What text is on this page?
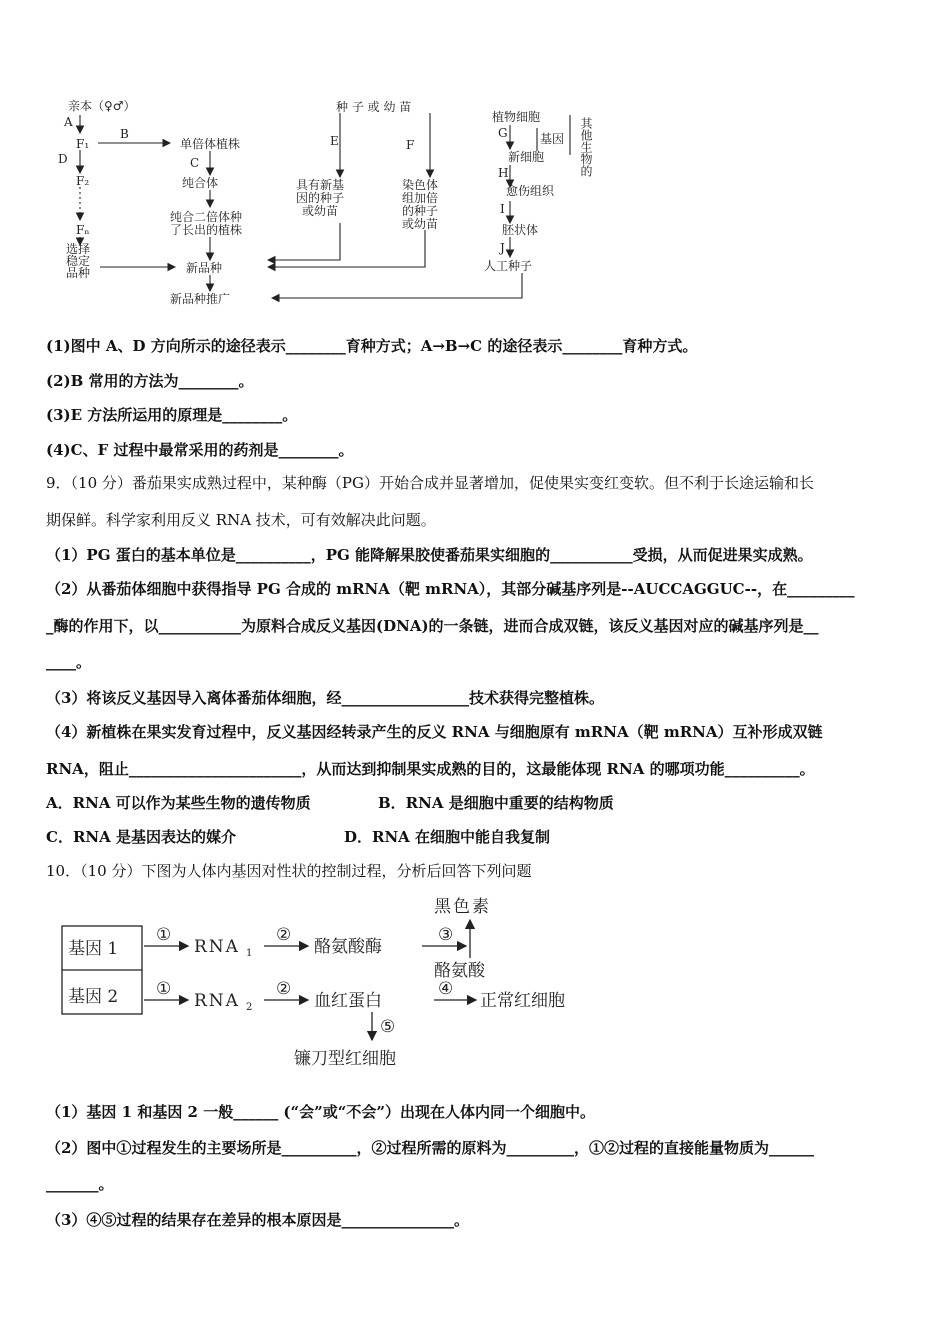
亲本（♀♂）
A
B
F₁
D
F₂
Fₙ
选择
稳定
品种
单倍体植株
C
纯合体
纯合二倍体种
了长出的植株
新品种
新品种推广
种 子 或 幼 苗
E	F
具有新基
因的种子
或幼苗
染色体
组加倍
的种子
或幼苗
植物细胞
G	基因 其他生物的
新细胞
H
愈伤组织
I
胚状体
J
人工种子
(1)图中 A、D 方向所示的途径表示________育种方式；A→B→C 的途径表示________育种方式。
(2)B 常用的方法为________。
(3)E 方法所运用的原理是________。
(4)C、F 过程中最常采用的药剂是________。
9．（10 分）番茄果实成熟过程中，某种酶（PG）开始合成并显著增加，促使果实变红变软。但不利于长途运输和长
期保鲜。科学家利用反义 RNA 技术，可有效解决此问题。
（1）PG 蛋白的基本单位是__________，PG 能降解果胶使番茄果实细胞的___________受损，从而促进果实成熟。
（2）从番茄体细胞中获得指导 PG 合成的 mRNA（靶 mRNA），其部分碱基序列是--AUCCAGGUC--，在_________
_酶的作用下，以___________为原料合成反义基因(DNA)的一条链，进而合成双链，该反义基因对应的碱基序列是__
____。
（3）将该反义基因导入离体番茄体细胞，经_________________技术获得完整植株。
（4）新植株在果实发育过程中，反义基因经转录产生的反义 RNA 与细胞原有 mRNA（靶 mRNA）互补形成双链
RNA，阻止_______________________，从而达到抑制果实成熟的目的，这最能体现 RNA 的哪项功能__________。
A．RNA 可以作为某些生物的遗传物质	B．RNA 是细胞中重要的结构物质
C．RNA 是基因表达的媒介	D．RNA 在细胞中能自我复制
10．（10 分）下图为人体内基因对性状的控制过程，分析后回答下列问题
基因 1
基因 2
①	②	③
①	②	④
⑤
RNA 1
RNA 2
酪氨酸酶
黑色素
酪氨酸
血红蛋白	正常红细胞
镰刀型红细胞
（1）基因 1 和基因 2 一般______ (“会”或“不会”）出现在人体内同一个细胞中。
（2）图中①过程发生的主要场所是__________，②过程所需的原料为_________，①②过程的直接能量物质为______
_______。
（3）④⑤过程的结果存在差异的根本原因是_______________。
